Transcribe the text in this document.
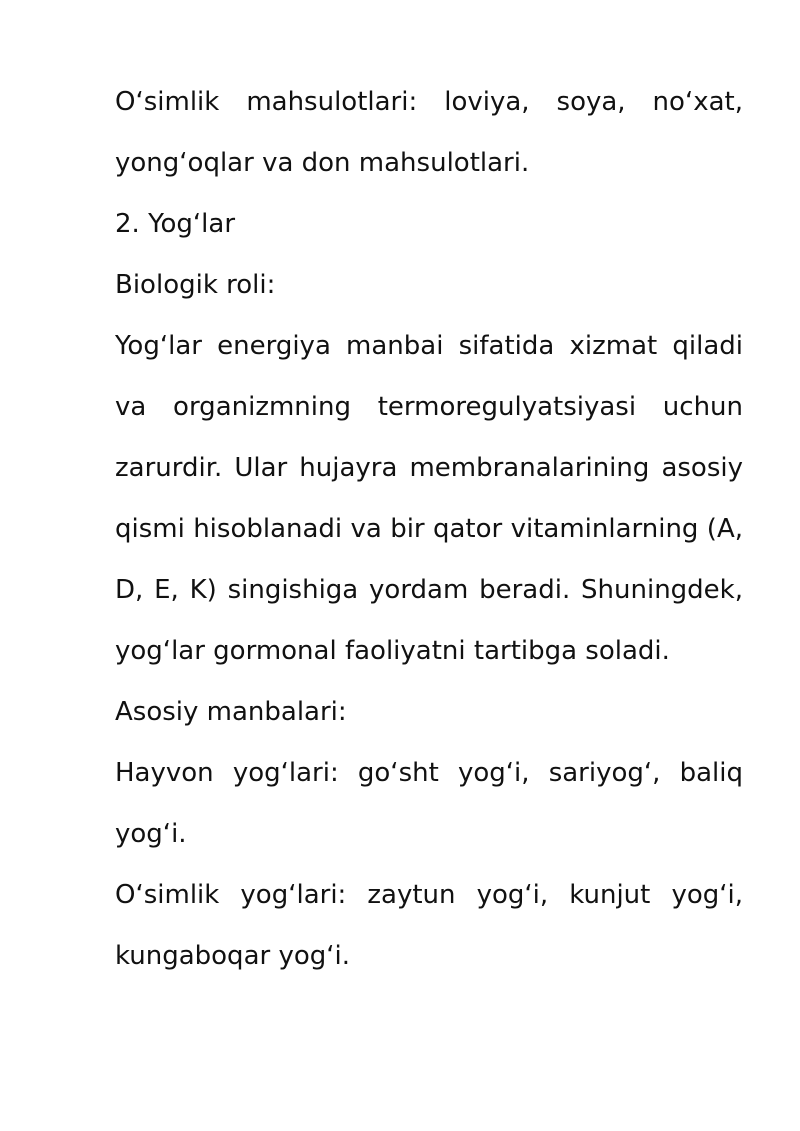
O‘simlik mahsulotlari: loviya, soya, no‘xat, yong‘oqlar va don mahsulotlari.

2. Yog‘lar

Biologik roli:

Yog‘lar energiya manbai sifatida xizmat qiladi va organizmning termoregulyatsiyasi uchun zarurdir. Ular hujayra membranalarining asosiy qismi hisoblanadi va bir qator vitaminlarning (A, D, E, K) singishiga yordam beradi. Shuningdek, yog‘lar gormonal faoliyatni tartibga soladi.

Asosiy manbalari:

Hayvon yog‘lari: go‘sht yog‘i, sariyog‘, baliq yog‘i.

O‘simlik yog‘lari: zaytun yog‘i, kunjut yog‘i, kungaboqar yog‘i.
